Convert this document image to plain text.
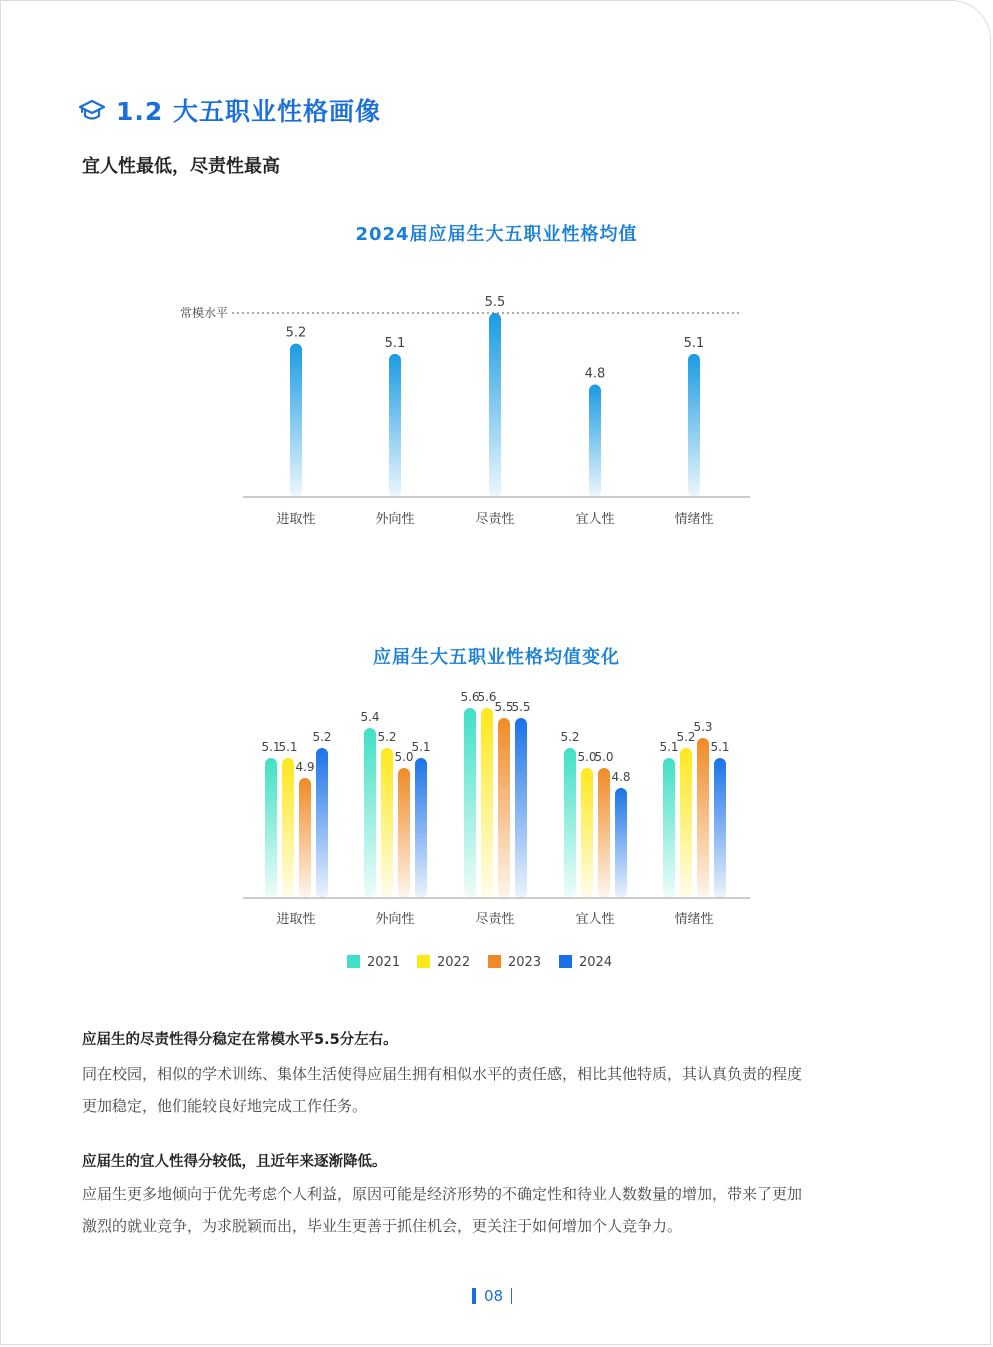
1.2 大五职业性格画像
宜人性最低，尽责性最高
2024届应届生大五职业性格均值
常模水平
5.2
进取性
5.1
外向性
5.5
尽责性
4.8
宜人性
5.1
情绪性
应届生大五职业性格均值变化
5.1
5.1
4.9
5.2
进取性
5.4
5.2
5.0
5.1
外向性
5.6
5.6
5.5
5.5
尽责性
5.2
5.0
5.0
4.8
宜人性
5.1
5.2
5.3
5.1
情绪性
2021	2022	2023	2024
应届生的尽责性得分稳定在常模水平5.5分左右。
同在校园，相似的学术训练、集体生活使得应届生拥有相似水平的责任感，相比其他特质，其认真负责的程度
更加稳定，他们能较良好地完成工作任务。
应届生的宜人性得分较低，且近年来逐渐降低。
应届生更多地倾向于优先考虑个人利益，原因可能是经济形势的不确定性和待业人数数量的增加，带来了更加
激烈的就业竞争，为求脱颖而出，毕业生更善于抓住机会，更关注于如何增加个人竞争力。
08
